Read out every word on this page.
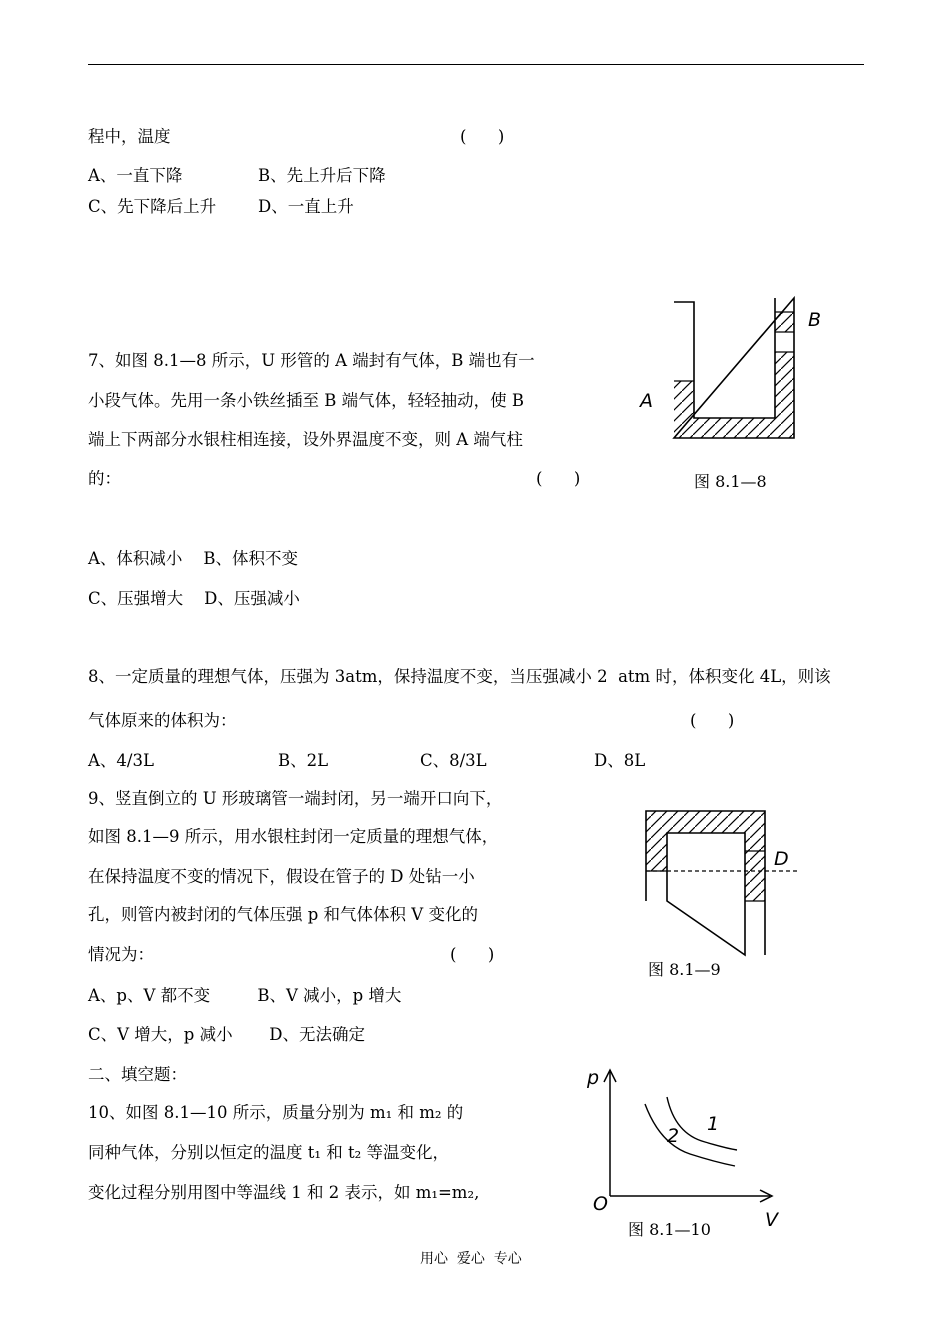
程中，温度	(      )
A、一直下降	B、先上升后下降
C、先下降后上升	D、一直上升
7、如图 8.1—8 所示，U 形管的 A 端封有气体，B 端也有一
小段气体。先用一条小铁丝插至 B 端气体，轻轻抽动，使 B
端上下两部分水银柱相连接，设外界温度不变，则 A 端气柱
的：	(      )
A、体积减小    B、体积不变
C、压强增大    D、压强减小
A
B
图 8.1—8
8、一定质量的理想气体，压强为 3atm，保持温度不变，当压强减小 2  atm 时，体积变化 4L，则该
气体原来的体积为：	(      )
A、4/3L	B、2L	C、8/3L	D、8L
9、竖直倒立的 U 形玻璃管一端封闭，另一端开口向下，
如图 8.1—9 所示，用水银柱封闭一定质量的理想气体，
在保持温度不变的情况下，假设在管子的 D 处钻一小
孔，则管内被封闭的气体压强 p 和气体体积 V 变化的
情况为：	(      )
A、p、V 都不变         B、V 减小，p 增大
C、V 增大，p 减小       D、无法确定
D
图 8.1—9
二、填空题：
10、如图 8.1—10 所示，质量分别为 m₁ 和 m₂ 的
同种气体，分别以恒定的温度 t₁ 和 t₂ 等温变化，
变化过程分别用图中等温线 1 和 2 表示，如 m₁=m₂,
p
V
O
1
2
图 8.1—10
用心  爱心  专心
